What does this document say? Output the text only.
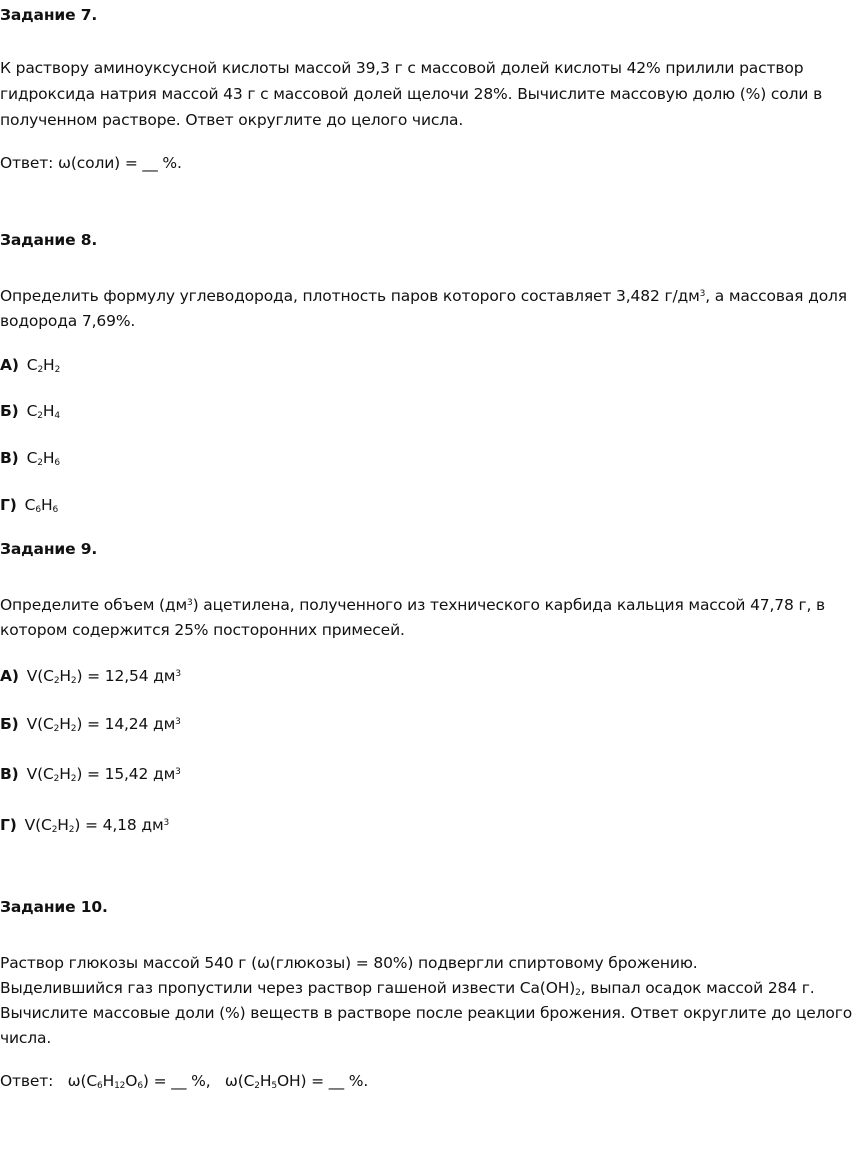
Задание 7.

К раствору аминоуксусной кислоты массой 39,3 г с массовой долей кислоты 42% прилили раствор

гидроксида натрия массой 43 г с массовой долей щелочи 28%. Вычислите массовую долю (%) соли в

полученном растворе. Ответ округлите до целого числа.

Ответ: ω(соли) = __ %.

Задание 8.

Определить формулу углеводорода, плотность паров которого составляет 3,482 $г/дм^3$, а массовая доля

водорода 7,69%.

А) $C_2H_2$

Б) $C_2H_4$

В) $C_2H_6$

Г) $C_6H_6$

Задание 9.

Определите объем $(дм^3)$ ацетилена, полученного из технического карбида кальция массой 47,78 г, в

котором содержится 25% посторонних примесей.

А) $V(C_2H_2) = 12,54$ $дм^3$

Б) $V(C_2H_2) = 14,24$ $дм^3$

В) $V(C_2H_2) = 15,42$ $дм^3$

Г) $V(C_2H_2) = 4,18$ $дм^3$

Задание 10.

Раствор глюкозы массой 540 г (ω(глюкозы) = 80%) подвергли спиртовому брожению.

Выделившийся газ пропустили через раствор гашеной извести $Ca(OH)_2$, выпал осадок массой 284 г.

Вычислите массовые доли (%) веществ в растворе после реакции брожения. Ответ округлите до целого

числа.

Ответ: $\omega(C_6H_{12}O_6)$ = __ %, $\omega(C_2H_5OH)$ = __ %.
